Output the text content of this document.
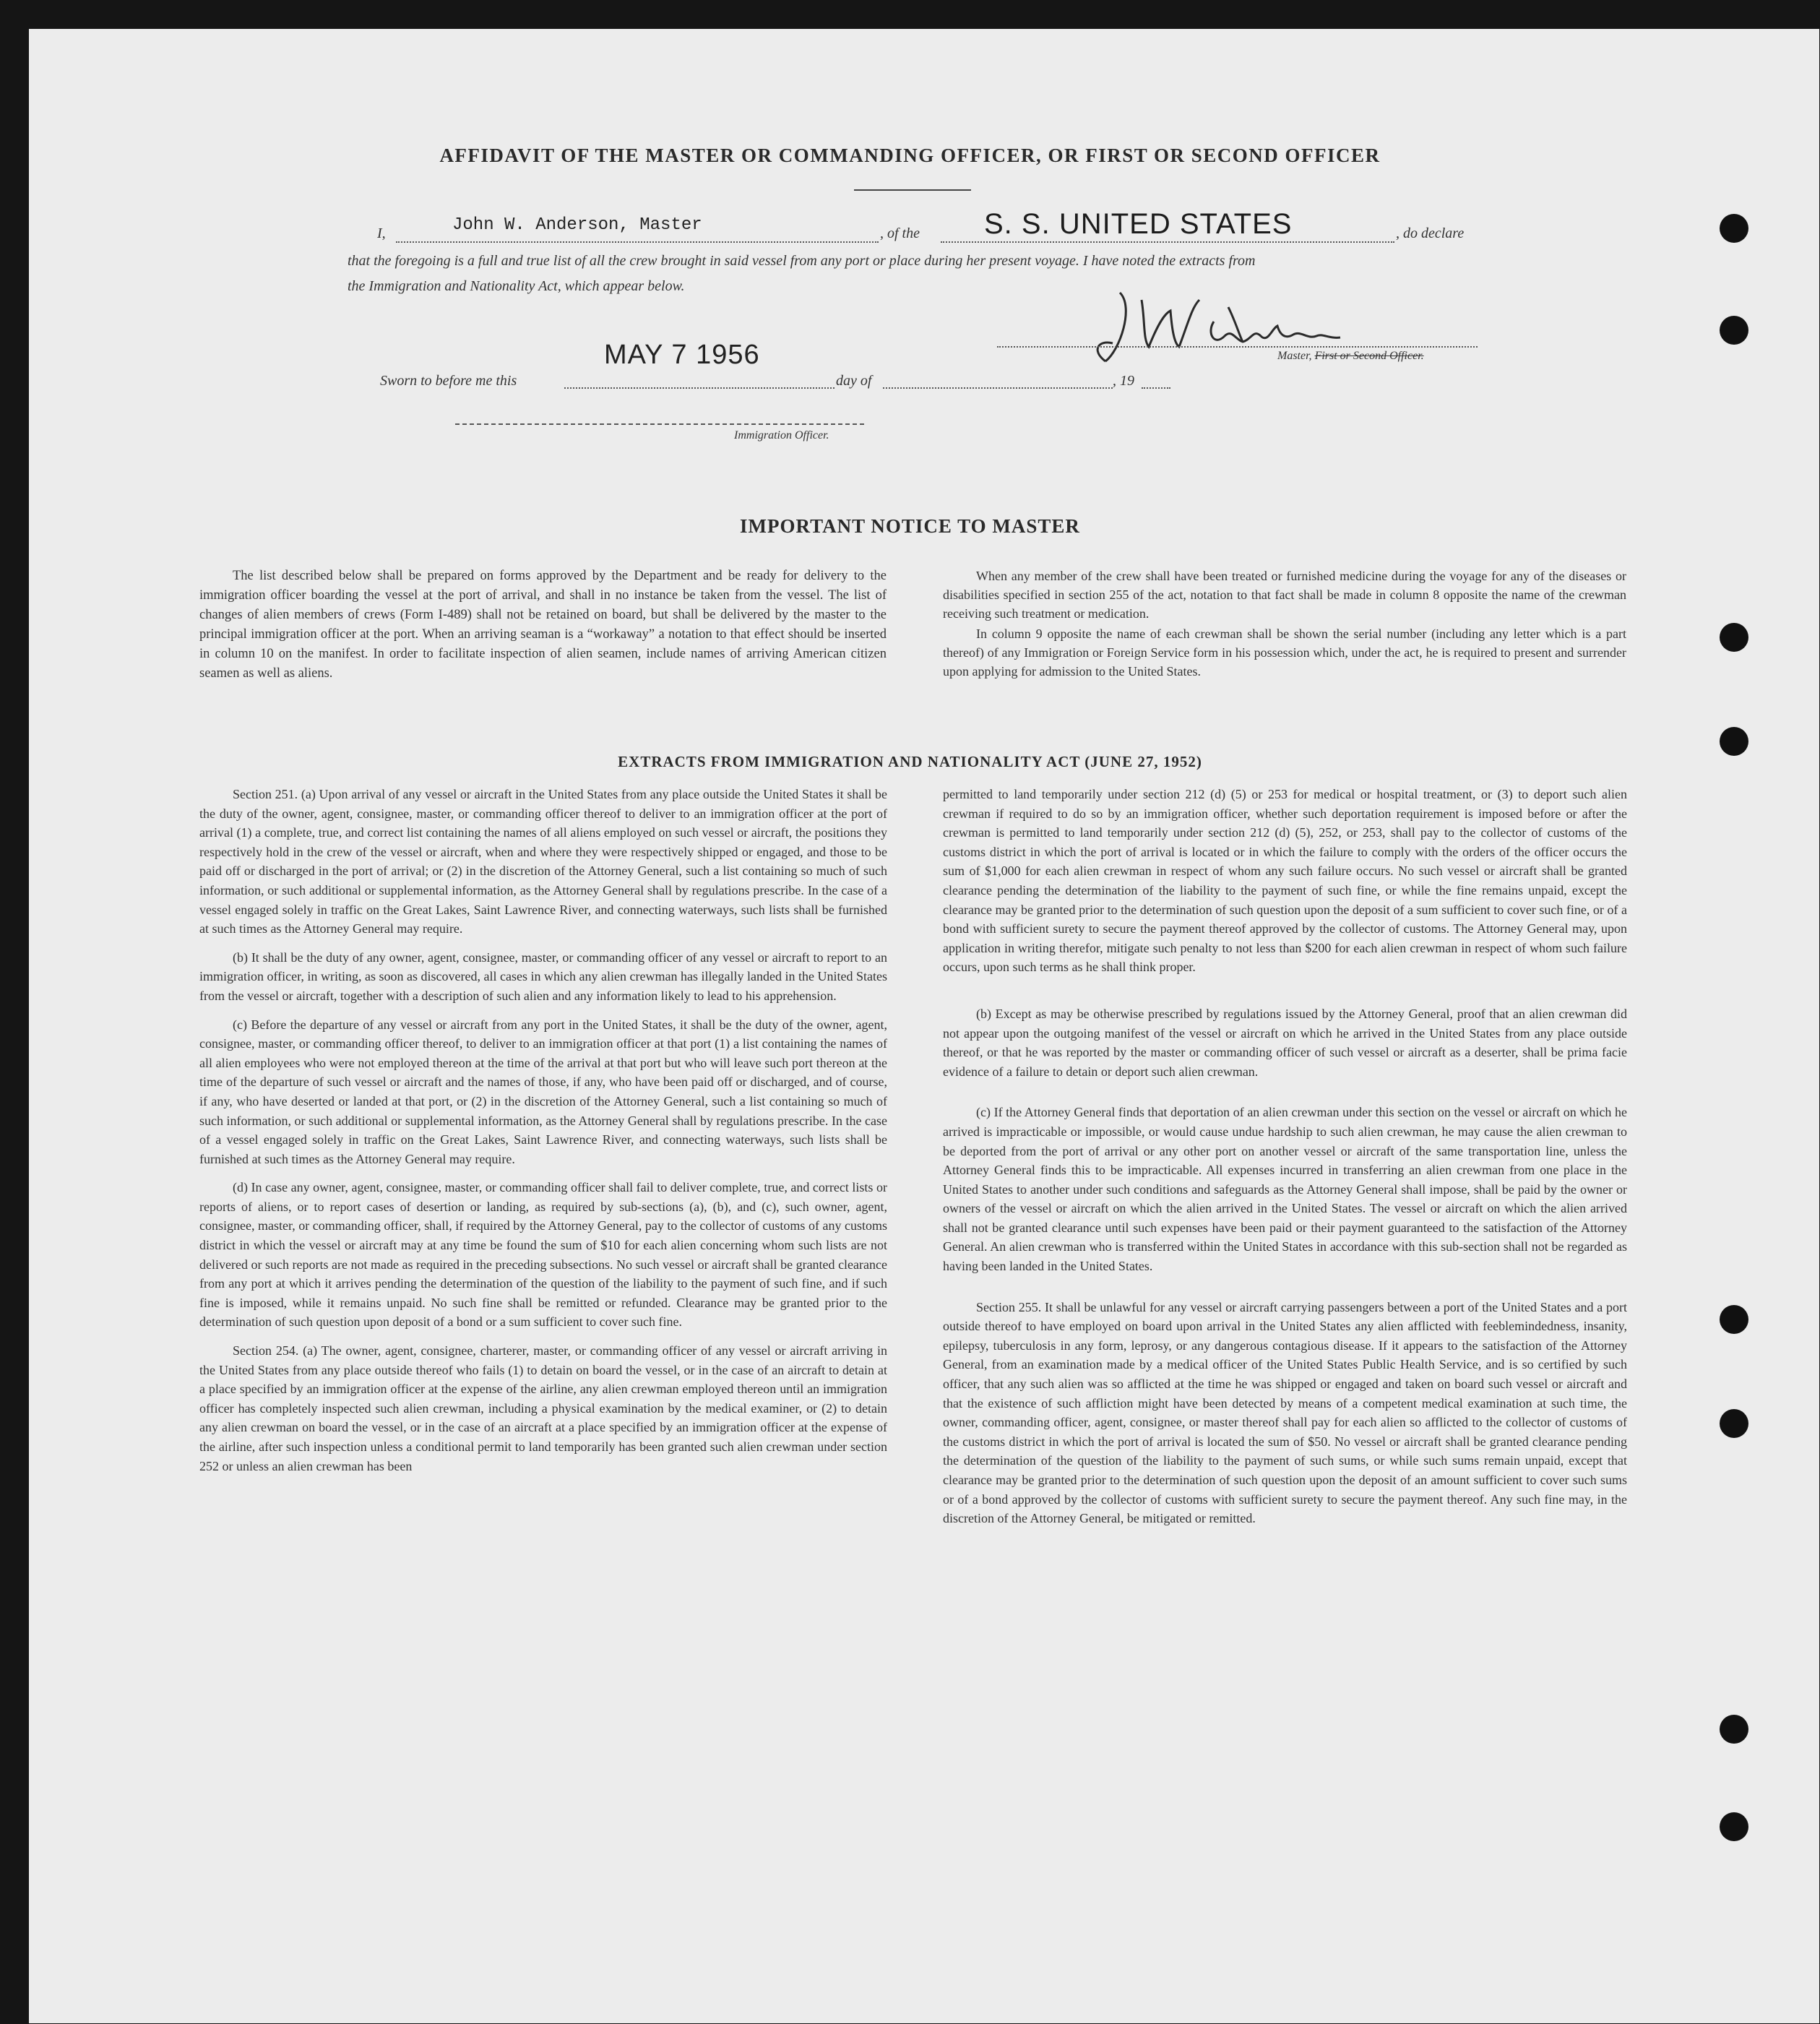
AFFIDAVIT OF THE MASTER OR COMMANDING OFFICER, OR FIRST OR SECOND OFFICER
I,	John W. Anderson, Master	, of the S. S. UNITED STATES	, do declare
that the foregoing is a full and true list of all the crew brought in said vessel from any port or place during her present voyage. I have noted the extracts from
the Immigration and Nationality Act, which appear below.
Master, First or Second Officer.
Sworn to before me this
MAY 7 1956
day of	, 19
Immigration Officer.
IMPORTANT NOTICE TO MASTER

The list described below shall be prepared on forms approved by the Department and be ready for delivery to the immigration officer boarding the vessel at the port of arrival, and shall in no instance be taken from the vessel. The list of changes of alien members of crews (Form I-489) shall not be retained on board, but shall be delivered by the master to the principal immigration officer at the port. When an arriving seaman is a “workaway” a notation to that effect should be inserted in column 10 on the manifest. In order to facilitate inspection of alien seamen, include names of arriving American citizen seamen as well as aliens.

When any member of the crew shall have been treated or furnished medicine during the voyage for any of the diseases or disabilities specified in section 255 of the act, notation to that fact shall be made in column 8 opposite the name of the crewman receiving such treatment or medication.

In column 9 opposite the name of each crewman shall be shown the serial number (including any letter which is a part thereof) of any Immigration or Foreign Service form in his possession which, under the act, he is required to present and surrender upon applying for admission to the United States.

EXTRACTS FROM IMMIGRATION AND NATIONALITY ACT (JUNE 27, 1952)

Section 251. (a) Upon arrival of any vessel or aircraft in the United States from any place outside the United States it shall be the duty of the owner, agent, consignee, master, or commanding officer thereof to deliver to an immigration officer at the port of arrival (1) a complete, true, and correct list containing the names of all aliens employed on such vessel or aircraft, the positions they respectively hold in the crew of the vessel or aircraft, when and where they were respectively shipped or engaged, and those to be paid off or discharged in the port of arrival; or (2) in the discretion of the Attorney General, such a list containing so much of such information, or such additional or supplemental information, as the Attorney General shall by regulations prescribe. In the case of a vessel engaged solely in traffic on the Great Lakes, Saint Lawrence River, and connecting waterways, such lists shall be furnished at such times as the Attorney General may require.

(b) It shall be the duty of any owner, agent, consignee, master, or commanding officer of any vessel or aircraft to report to an immigration officer, in writing, as soon as discovered, all cases in which any alien crewman has illegally landed in the United States from the vessel or aircraft, together with a description of such alien and any information likely to lead to his apprehension.

(c) Before the departure of any vessel or aircraft from any port in the United States, it shall be the duty of the owner, agent, consignee, master, or commanding officer thereof, to deliver to an immigration officer at that port (1) a list containing the names of all alien employees who were not employed thereon at the time of the arrival at that port but who will leave such port thereon at the time of the departure of such vessel or aircraft and the names of those, if any, who have been paid off or discharged, and of course, if any, who have deserted or landed at that port, or (2) in the discretion of the Attorney General, such a list containing so much of such information, or such additional or supplemental information, as the Attorney General shall by regulations prescribe. In the case of a vessel engaged solely in traffic on the Great Lakes, Saint Lawrence River, and connecting waterways, such lists shall be furnished at such times as the Attorney General may require.

(d) In case any owner, agent, consignee, master, or commanding officer shall fail to deliver complete, true, and correct lists or reports of aliens, or to report cases of desertion or landing, as required by sub-sections (a), (b), and (c), such owner, agent, consignee, master, or commanding officer, shall, if required by the Attorney General, pay to the collector of customs of any customs district in which the vessel or aircraft may at any time be found the sum of $10 for each alien concerning whom such lists are not delivered or such reports are not made as required in the preceding subsections. No such vessel or aircraft shall be granted clearance from any port at which it arrives pending the determination of the question of the liability to the payment of such fine, and if such fine is imposed, while it remains unpaid. No such fine shall be remitted or refunded. Clearance may be granted prior to the determination of such question upon deposit of a bond or a sum sufficient to cover such fine.

Section 254. (a) The owner, agent, consignee, charterer, master, or commanding officer of any vessel or aircraft arriving in the United States from any place outside thereof who fails (1) to detain on board the vessel, or in the case of an aircraft to detain at a place specified by an immigration officer at the expense of the airline, any alien crewman employed thereon until an immigration officer has completely inspected such alien crewman, including a physical examination by the medical examiner, or (2) to detain any alien crewman on board the vessel, or in the case of an aircraft at a place specified by an immigration officer at the expense of the airline, after such inspection unless a conditional permit to land temporarily has been granted such alien crewman under section 252 or unless an alien crewman has been

permitted to land temporarily under section 212 (d) (5) or 253 for medical or hospital treatment, or (3) to deport such alien crewman if required to do so by an immigration officer, whether such deportation requirement is imposed before or after the crewman is permitted to land temporarily under section 212 (d) (5), 252, or 253, shall pay to the collector of customs of the customs district in which the port of arrival is located or in which the failure to comply with the orders of the officer occurs the sum of $1,000 for each alien crewman in respect of whom any such failure occurs. No such vessel or aircraft shall be granted clearance pending the determination of the liability to the payment of such fine, or while the fine remains unpaid, except the clearance may be granted prior to the determination of such question upon the deposit of a sum sufficient to cover such fine, or of a bond with sufficient surety to secure the payment thereof approved by the collector of customs. The Attorney General may, upon application in writing therefor, mitigate such penalty to not less than $200 for each alien crewman in respect of whom such failure occurs, upon such terms as he shall think proper.

(b) Except as may be otherwise prescribed by regulations issued by the Attorney General, proof that an alien crewman did not appear upon the outgoing manifest of the vessel or aircraft on which he arrived in the United States from any place outside thereof, or that he was reported by the master or commanding officer of such vessel or aircraft as a deserter, shall be prima facie evidence of a failure to detain or deport such alien crewman.

(c) If the Attorney General finds that deportation of an alien crewman under this section on the vessel or aircraft on which he arrived is impracticable or impossible, or would cause undue hardship to such alien crewman, he may cause the alien crewman to be deported from the port of arrival or any other port on another vessel or aircraft of the same transportation line, unless the Attorney General finds this to be impracticable. All expenses incurred in transferring an alien crewman from one place in the United States to another under such conditions and safeguards as the Attorney General shall impose, shall be paid by the owner or owners of the vessel or aircraft on which the alien arrived in the United States. The vessel or aircraft on which the alien arrived shall not be granted clearance until such expenses have been paid or their payment guaranteed to the satisfaction of the Attorney General. An alien crewman who is transferred within the United States in accordance with this sub-section shall not be regarded as having been landed in the United States.

Section 255. It shall be unlawful for any vessel or aircraft carrying passengers between a port of the United States and a port outside thereof to have employed on board upon arrival in the United States any alien afflicted with feeblemindedness, insanity, epilepsy, tuberculosis in any form, leprosy, or any dangerous contagious disease. If it appears to the satisfaction of the Attorney General, from an examination made by a medical officer of the United States Public Health Service, and is so certified by such officer, that any such alien was so afflicted at the time he was shipped or engaged and taken on board such vessel or aircraft and that the existence of such affliction might have been detected by means of a competent medical examination at such time, the owner, commanding officer, agent, consignee, or master thereof shall pay for each alien so afflicted to the collector of customs of the customs district in which the port of arrival is located the sum of $50. No vessel or aircraft shall be granted clearance pending the determination of the question of the liability to the payment of such sums, or while such sums remain unpaid, except that clearance may be granted prior to the determination of such question upon the deposit of an amount sufficient to cover such sums or of a bond approved by the collector of customs with sufficient surety to secure the payment thereof. Any such fine may, in the discretion of the Attorney General, be mitigated or remitted.
